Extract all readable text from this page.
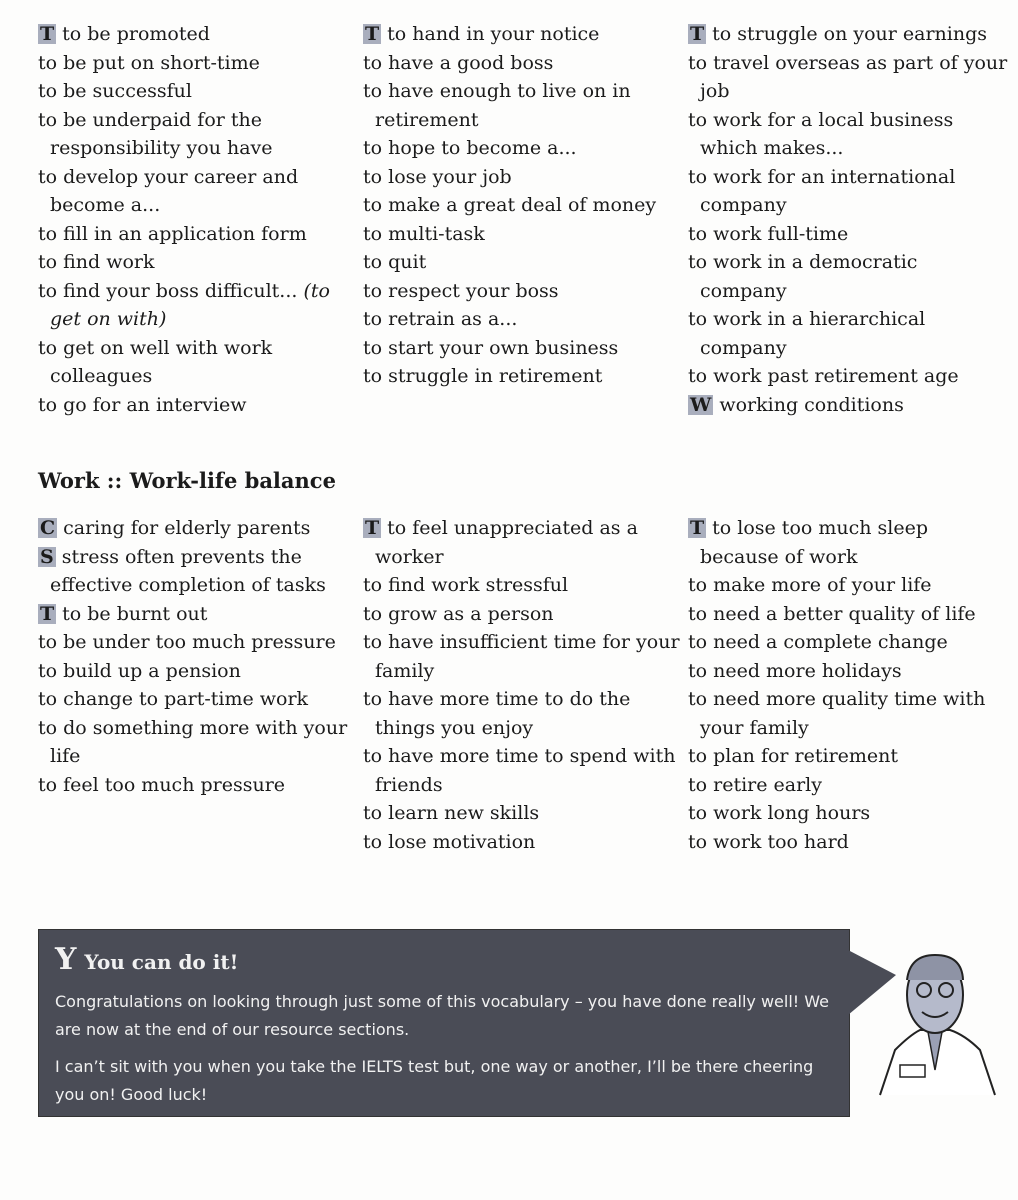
T to be promoted
to be put on short-time
to be successful
to be underpaid for the responsibility you have
to develop your career and become a...
to fill in an application form
to find work
to find your boss difficult... (to get on with)
to get on well with work colleagues
to go for an interview
T to hand in your notice
to have a good boss
to have enough to live on in retirement
to hope to become a...
to lose your job
to make a great deal of money
to multi-task
to quit
to respect your boss
to retrain as a...
to start your own business
to struggle in retirement
T to struggle on your earnings
to travel overseas as part of your job
to work for a local business which makes...
to work for an international company
to work full-time
to work in a democratic company
to work in a hierarchical company
to work past retirement age
W working conditions
Work :: Work-life balance
C caring for elderly parents
S stress often prevents the effective completion of tasks
T to be burnt out
to be under too much pressure
to build up a pension
to change to part-time work
to do something more with your life
to feel too much pressure
T to feel unappreciated as a worker
to find work stressful
to grow as a person
to have insufficient time for your family
to have more time to do the things you enjoy
to have more time to spend with friends
to learn new skills
to lose motivation
T to lose too much sleep because of work
to make more of your life
to need a better quality of life
to need a complete change
to need more holidays
to need more quality time with your family
to plan for retirement
to retire early
to work long hours
to work too hard
Y You can do it!

Congratulations on looking through just some of this vocabulary – you have done really well! We are now at the end of our resource sections.

I can’t sit with you when you take the IELTS test but, one way or another, I’ll be there cheering you on! Good luck!
